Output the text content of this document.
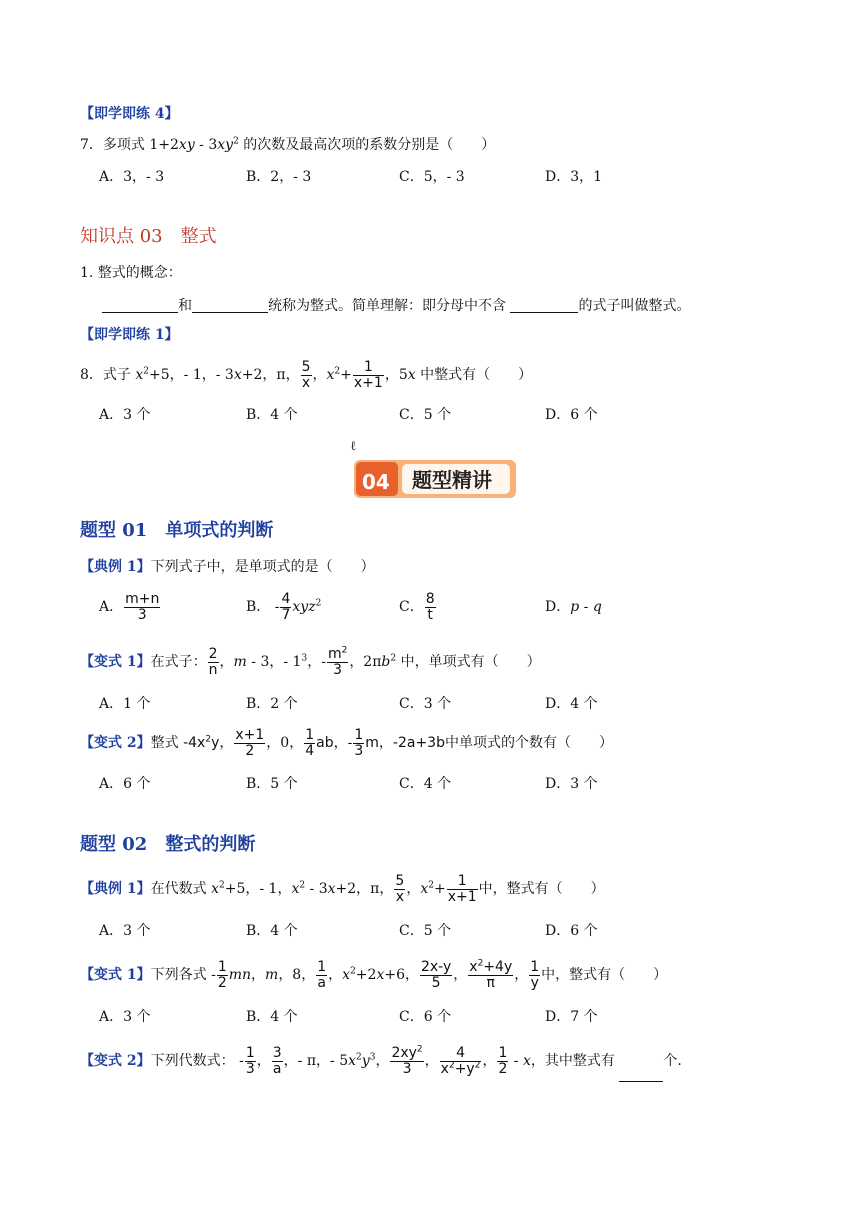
【即学即练 4】
7．多项式 $1+2xy - 3xy^2$ 的次数及最高次项的系数分别是（　　）
A．3，- 3	B．2，- 3	C．5，- 3	D．3，1
知识点 03　整式
1. 整式的概念：
和	统称为整式。简单理解：即分母中不含	的式子叫做整式。
【即学即练 1】
8．式子 $x^2+5$，- 1，- 3x+2，π， $\frac{5}{x}$ ，$x^2+ \frac{1}{x+1}$ ，5x 中整式有（　　）
A．3 个	B．4 个	C．5 个	D．6 个
04 题型精讲
ℓ
题型 01　单项式的判断
【典例 1】下列式子中，是单项式的是（　　）
A． $\frac{m+n}{3}$	B． - $\frac{4}{7} xyz^2$	C． $\frac{8}{t}$	D．p - q
【变式 1】在式子： $\frac{2}{n}$ ，m - 3，- $1^3$，- $\frac{m^2}{3}$ ，$2\pi b^2$ 中，单项式有（　　）
A．1 个	B．2 个	C．3 个	D．4 个
【变式 2】整式 $-4x^2y$， $\frac{x+1}{2}$ ，0， $\frac{1}{4}$ ab，- $\frac{1}{3}$ m，-2a+3b中单项式的个数有（　　）
A．6 个	B．5 个	C．4 个	D．3 个
题型 02　整式的判断
【典例 1】在代数式 $x^2+5$，- 1，$x^2 - 3x+2$，π， $\frac{5}{x}$ ，$x^2+ \frac{1}{x+1}$ 中，整式有（　　）
A．3 个	B．4 个	C．5 个	D．6 个
【变式 1】下列各式 - $\frac{1}{2}$ mn，m，8， $\frac{1}{a}$ ，$x^2+2x+6$， $\frac{2x-y}{5}$ ， $\frac{x^2+4y}{\pi}$ ， $\frac{1}{y}$ 中，整式有（　　）
A．3 个	B．4 个	C．6 个	D．7 个
【变式 2】下列代数式： - $\frac{1}{3}$ ， $\frac{3}{a}$ ，- π，- $5x^2y^3$， $\frac{2xy^2}{3}$ ， $\frac{4}{x^2+y^2}$ ， $\frac{1}{2}$ - x，其中整式有	个.
